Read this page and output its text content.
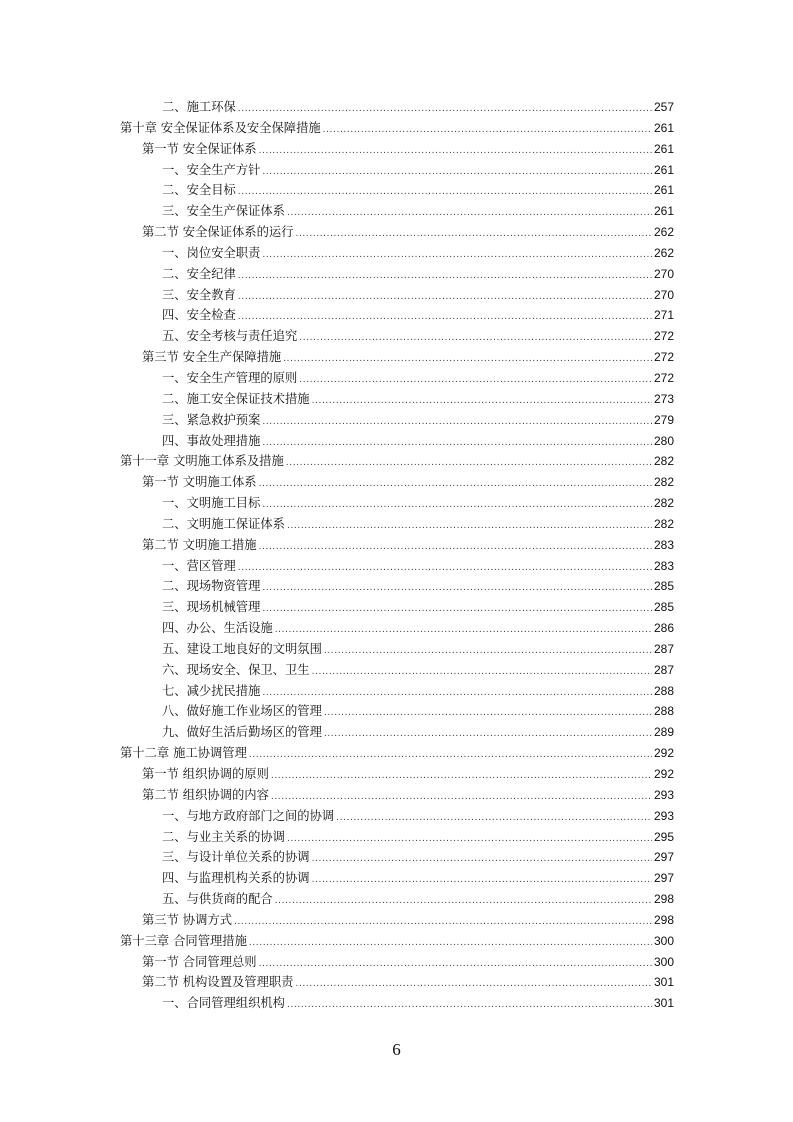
二、施工环保 .....	257
第十章 安全保证体系及安全保障措施 .....	261
第一节 安全保证体系 .....	261
一、安全生产方针 .....	261
二、安全目标 .....	261
三、安全生产保证体系 .....	261
第二节 安全保证体系的运行 .....	262
一、岗位安全职责 .....	262
二、安全纪律 .....	270
三、安全教育 .....	270
四、安全检查 .....	271
五、安全考核与责任追究 .....	272
第三节 安全生产保障措施 .....	272
一、安全生产管理的原则 .....	272
二、施工安全保证技术措施 .....	273
三、紧急救护预案 .....	279
四、事故处理措施 .....	280
第十一章 文明施工体系及措施 .....	282
第一节 文明施工体系 .....	282
一、文明施工目标 .....	282
二、文明施工保证体系 .....	282
第二节 文明施工措施 .....	283
一、营区管理 .....	283
二、现场物资管理 .....	285
三、现场机械管理 .....	285
四、办公、生活设施 .....	286
五、建设工地良好的文明氛围 .....	287
六、现场安全、保卫、卫生 .....	287
七、减少扰民措施 .....	288
八、做好施工作业场区的管理 .....	288
九、做好生活后勤场区的管理 .....	289
第十二章 施工协调管理 .....	292
第一节 组织协调的原则 .....	292
第二节 组织协调的内容 .....	293
一、与地方政府部门之间的协调 .....	293
二、与业主关系的协调 .....	295
三、与设计单位关系的协调 .....	297
四、与监理机构关系的协调 .....	297
五、与供货商的配合 .....	298
第三节 协调方式 .....	298
第十三章 合同管理措施 .....	300
第一节 合同管理总则 .....	300
第二节 机构设置及管理职责 .....	301
一、合同管理组织机构 .....	301
6
